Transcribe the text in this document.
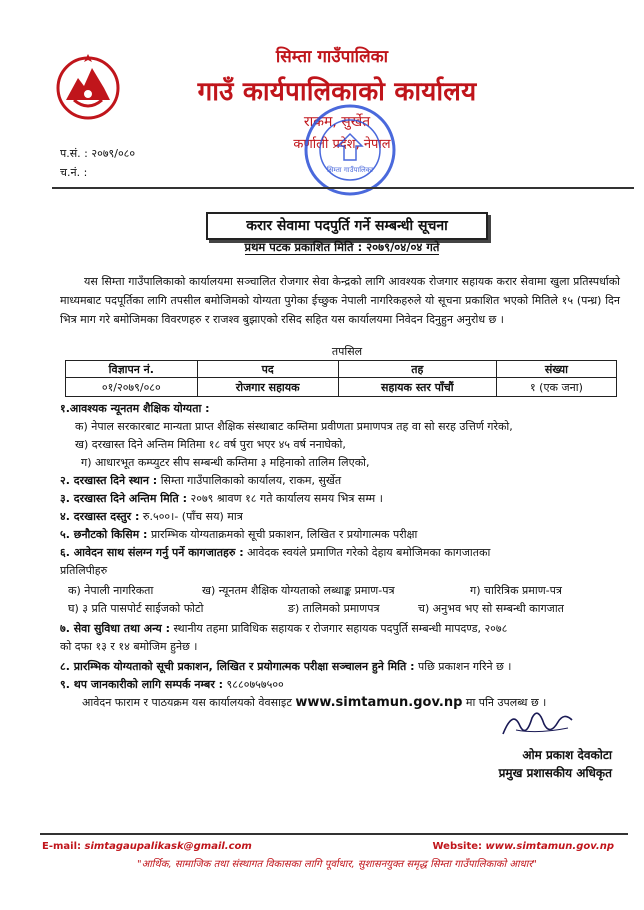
सिम्ता गाउँपालिका
गाउँ कार्यपालिकाको कार्यालय
राकम, सुर्खेत
कर्णाली प्रदेश, नेपाल
प.सं. : २०७९/०८०
च.नं. :	सिम्ता गाउँपालिका
करार सेवामा पदपुर्ति गर्ने सम्बन्धी सूचना
प्रथम पटक प्रकाशित मिति : २०७९/०४/०४ गते
यस सिम्ता गाउँपालिकाको कार्यालयमा सञ्चालित रोजगार सेवा केन्द्रको लागि आवश्यक रोजगार सहायक करार सेवामा खुला प्रतिस्पर्धाको माध्यमबाट पदपूर्तिका लागि तपसील बमोजिमको योग्यता पुगेका ईच्छुक नेपाली नागरिकहरुले यो सूचना प्रकाशित भएको मितिले १५ (पन्ध्र) दिन भित्र माग गरे बमोजिमका विवरणहरु र राजश्व बुझाएको रसिद सहित यस कार्यालयमा निवेदन दिनुहुन अनुरोध छ ।
तपसिल
विज्ञापन नं.	पद	तह	संख्या
०१/२०७९/०८०	रोजगार सहायक	सहायक स्तर पाँचौं	१ (एक जना)
१.आवश्यक न्यूनतम शैक्षिक योग्यता :
क) नेपाल सरकारबाट मान्यता प्राप्त शैक्षिक संस्थाबाट कम्तिमा प्रवीणता प्रमाणपत्र तह वा सो सरह उत्तिर्ण गरेको,
ख) दरखास्त दिने अन्तिम मितिमा १८ वर्ष पुरा भएर ४५ वर्ष ननाघेको,
ग) आधारभूत कम्प्युटर सीप सम्बन्धी कम्तिमा ३ महिनाको तालिम लिएको,
२. दरखास्त दिने स्थान : सिम्ता गाउँपालिकाको कार्यालय, राकम, सुर्खेत
३. दरखास्त दिने अन्तिम मिति : २०७९ श्रावण १८ गते कार्यालय समय भित्र सम्म ।
४. दरखास्त दस्तुर : रु.५००।- (पाँच सय) मात्र
५. छनौटको किसिम : प्रारम्भिक योग्यताक्रमको सूची प्रकाशन, लिखित र प्रयोगात्मक परीक्षा
६. आवेदन साथ संलग्न गर्नु पर्ने कागजातहरु : आवेदक स्वयंले प्रमाणित गरेको देहाय बमोजिमका कागजातका
प्रतिलिपीहरु
क) नेपाली नागरिकता	ख) न्यूनतम शैक्षिक योग्यताको लब्धाङ्क प्रमाण-पत्र	ग) चारित्रिक प्रमाण-पत्र
घ) ३ प्रति पासपोर्ट साईजको फोटो	ङ) तालिमको प्रमाणपत्र	च) अनुभव भए सो सम्बन्धी कागजात
७. सेवा सुविधा तथा अन्य : स्थानीय तहमा प्राविधिक सहायक र रोजगार सहायक पदपुर्ति सम्बन्धी मापदण्ड, २०७८
को दफा १३ र १४ बमोजिम हुनेछ ।
८. प्रारम्भिक योग्यताको सूची प्रकाशन, लिखित र प्रयोगात्मक परीक्षा सञ्चालन हुने मिति : पछि प्रकाशन गरिने छ ।
९. थप जानकारीको लागि सम्पर्क नम्बर : ९८८०७५७५००
आवेदन फाराम र पाठयक्रम यस कार्यालयको वेवसाइट www.simtamun.gov.np मा पनि उपलब्ध छ ।
ओम प्रकाश देवकोटा
प्रमुख प्रशासकीय अधिकृत
E-mail: simtagaupalikask@gmail.com	Website: www.simtamun.gov.np
"आर्थिक, सामाजिक तथा संस्थागत विकासका लागि पूर्वाधार, सुशासनयुक्त समृद्ध सिम्ता गाउँपालिकाको आधार"
